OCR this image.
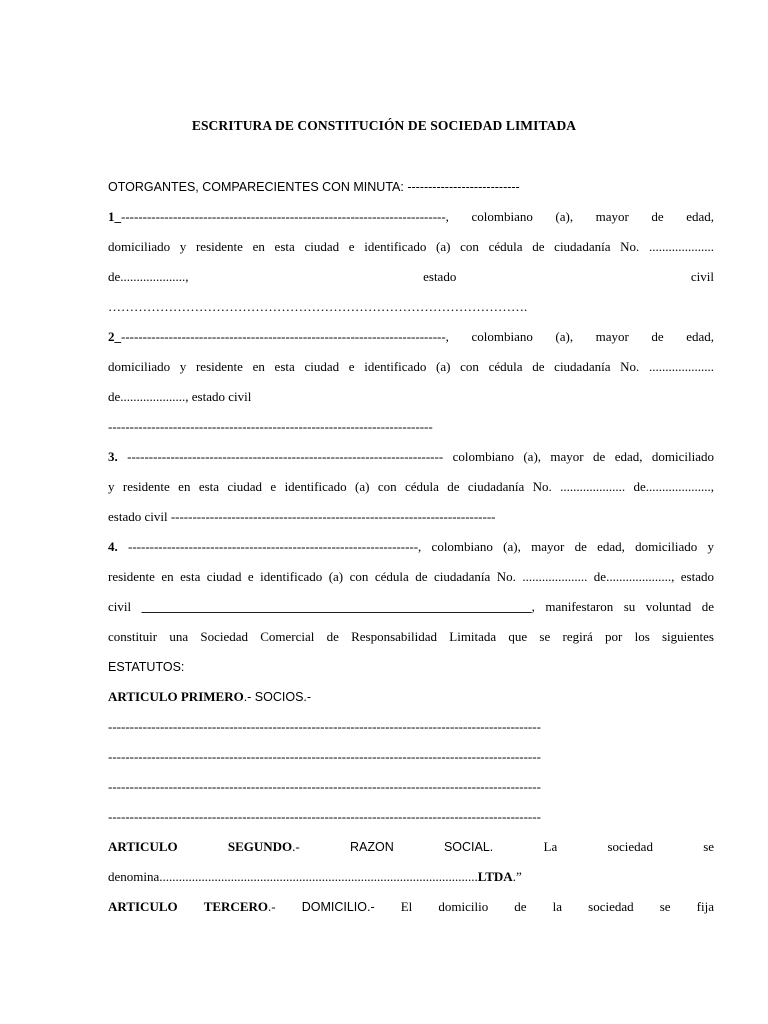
ESCRITURA DE CONSTITUCIÓN DE SOCIEDAD LIMITADA
OTORGANTES, COMPARECIENTES CON MINUTA: ---------------------------
1_---------------------------------------------------------------------------, colombiano (a), mayor de edad,
domiciliado y residente en esta ciudad e identificado (a) con cédula de ciudadanía No. ....................
de....................,	estado	civil
…………………………………………………………………………………….
2_---------------------------------------------------------------------------, colombiano (a), mayor de edad,
domiciliado y residente en esta ciudad e identificado (a) con cédula de ciudadanía No. ....................
de...................., estado civil
---------------------------------------------------------------------------
3. ------------------------------------------------------------------------- colombiano (a), mayor de edad, domiciliado
y residente en esta ciudad e identificado (a) con cédula de ciudadanía No. .................... de....................,
estado civil ---------------------------------------------------------------------------
4. -------------------------------------------------------------------, colombiano (a), mayor de edad, domiciliado y
residente en esta ciudad e identificado (a) con cédula de ciudadanía No. .................... de...................., estado
civil ____________________________________________________________, manifestaron su voluntad de
constituir una Sociedad Comercial de Responsabilidad Limitada que se regirá por los siguientes
ESTATUTOS:
ARTICULO PRIMERO.- SOCIOS.-
----------------------------------------------------------------------------------------------------
----------------------------------------------------------------------------------------------------
----------------------------------------------------------------------------------------------------
----------------------------------------------------------------------------------------------------
ARTICULO	SEGUNDO.-	RAZON	SOCIAL.	La	sociedad	se
denomina..................................................................................................LTDA.”
ARTICULO TERCERO.- DOMICILIO.- El domicilio de la sociedad se fija
